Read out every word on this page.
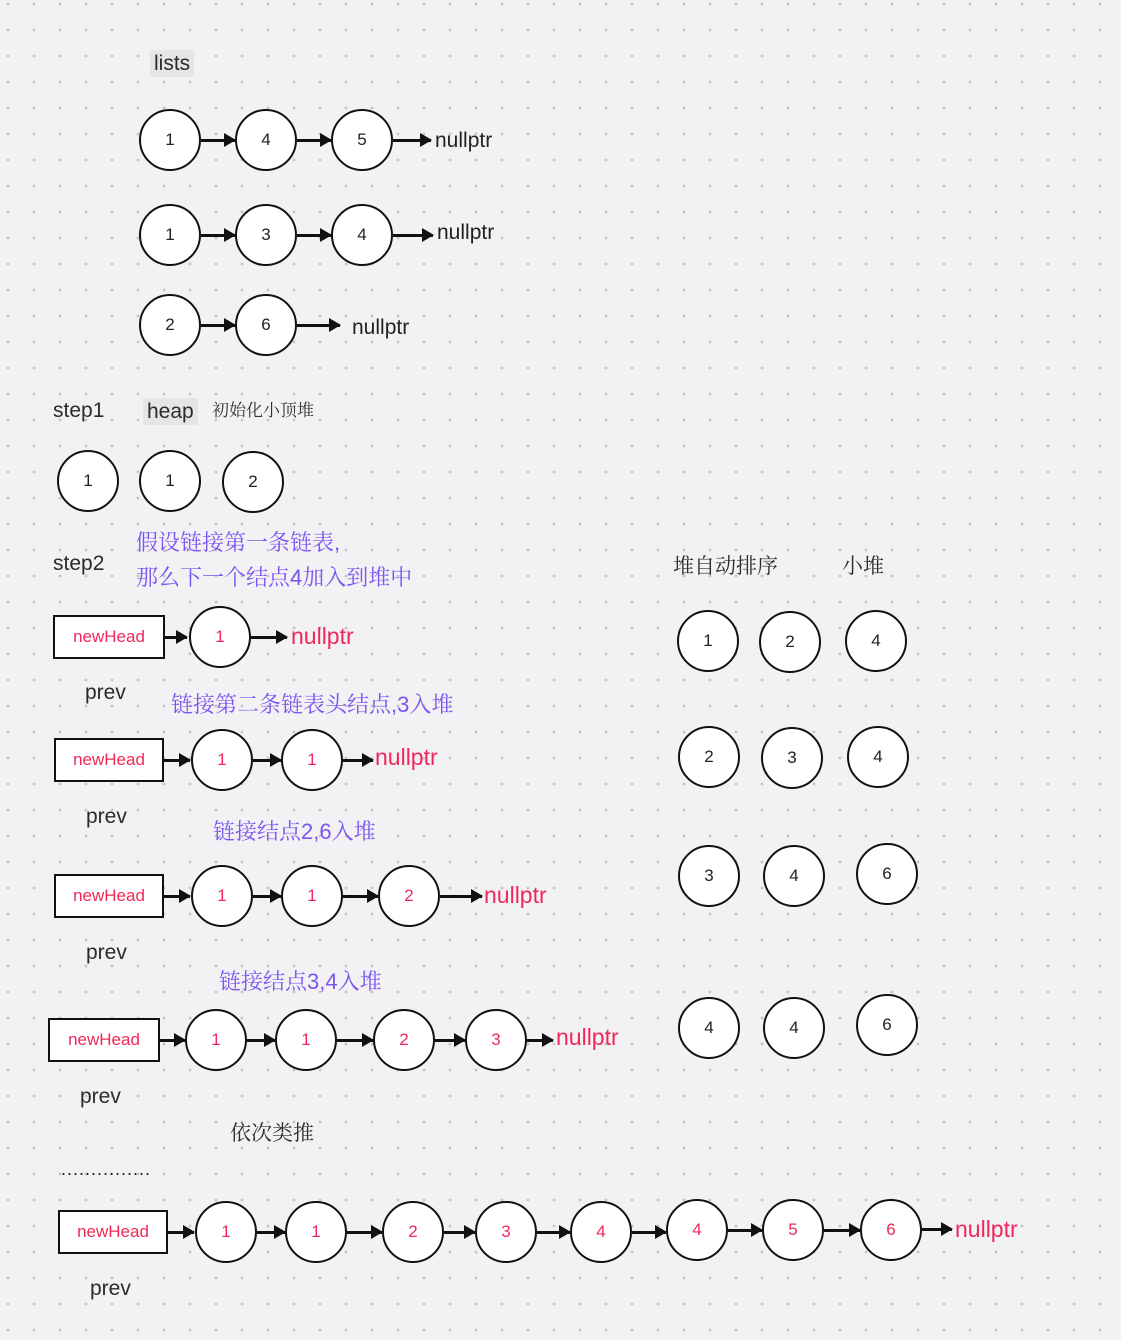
lists
1	4	5	nullptr
1	3	4	nullptr
2	6	nullptr
step1 heap 初始化小顶堆
1	1	2
step2
假设链接第一条链表,
那么下一个结点4加入到堆中	堆自动排序	小堆
newHead	1	nullptr
prev 链接第二条链表头结点,3入堆
newHead	1	1	nullptr
prev
链接结点2,6入堆
newHead	1	1	2	nullptr
prev
链接结点3,4入堆
newHead	1	1	2	3	nullptr
prev
依次类推
...............
newHead	1	1	2	3	4	4	5	6	nullptr
prev
1	2	4
2	3	4
3	4	6
4	4	6
